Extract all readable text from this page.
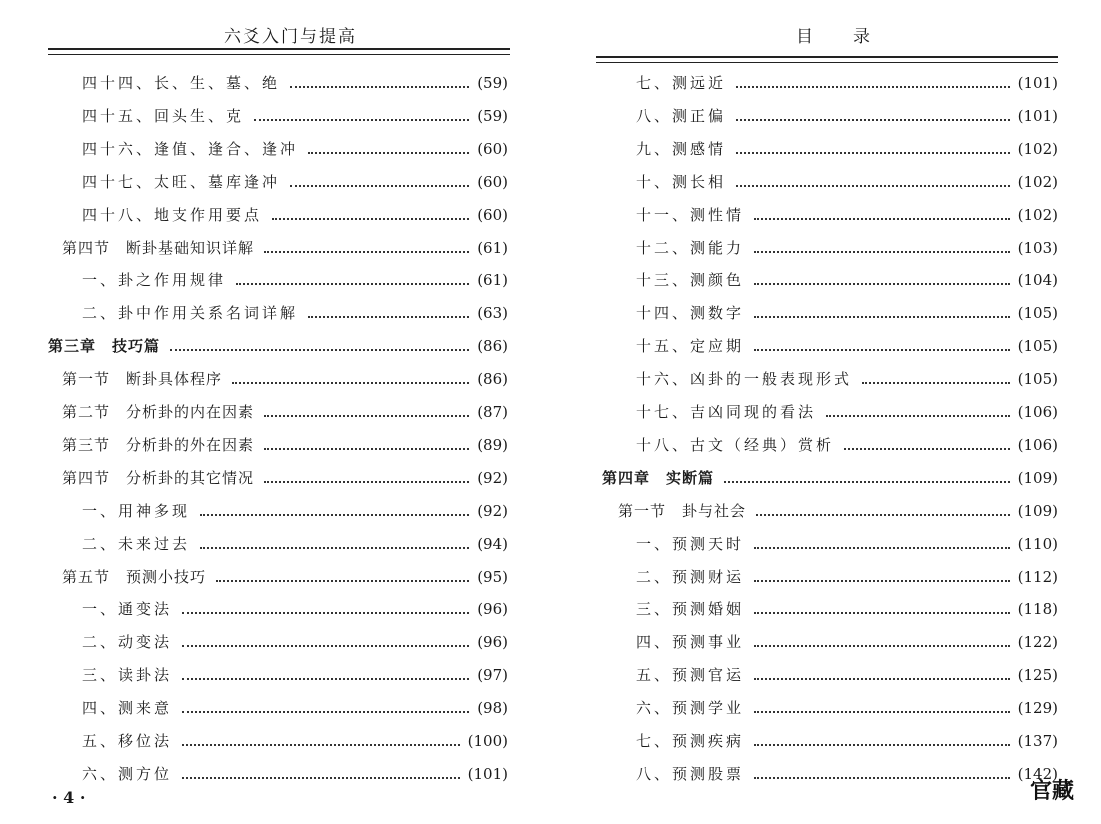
六爻入门与提高
四十四、长、生、墓、绝	(59)
四十五、回头生、克	(59)
四十六、逢值、逢合、逢冲	(60)
四十七、太旺、墓库逢冲	(60)
四十八、地支作用要点	(60)
第四节　断卦基础知识详解	(61)
一、卦之作用规律	(61)
二、卦中作用关系名词详解	(63)
第三章　技巧篇	(86)
第一节　断卦具体程序	(86)
第二节　分析卦的内在因素	(87)
第三节　分析卦的外在因素	(89)
第四节　分析卦的其它情况	(92)
一、用神多现	(92)
二、未来过去	(94)
第五节　预测小技巧	(95)
一、通变法	(96)
二、动变法	(96)
三、读卦法	(97)
四、测来意	(98)
五、移位法	(100)
六、测方位	(101)
· 4 ·
目　　录
七、测远近	(101)
八、测正偏	(101)
九、测感情	(102)
十、测长相	(102)
十一、测性情	(102)
十二、测能力	(103)
十三、测颜色	(104)
十四、测数字	(105)
十五、定应期	(105)
十六、凶卦的一般表现形式	(105)
十七、吉凶同现的看法	(106)
十八、古文（经典）赏析	(106)
第四章　实断篇	(109)
第一节　卦与社会	(109)
一、预测天时	(110)
二、预测财运	(112)
三、预测婚姻	(118)
四、预测事业	(122)
五、预测官运	(125)
六、预测学业	(129)
七、预测疾病	(137)
八、预测股票	(142)
官藏
